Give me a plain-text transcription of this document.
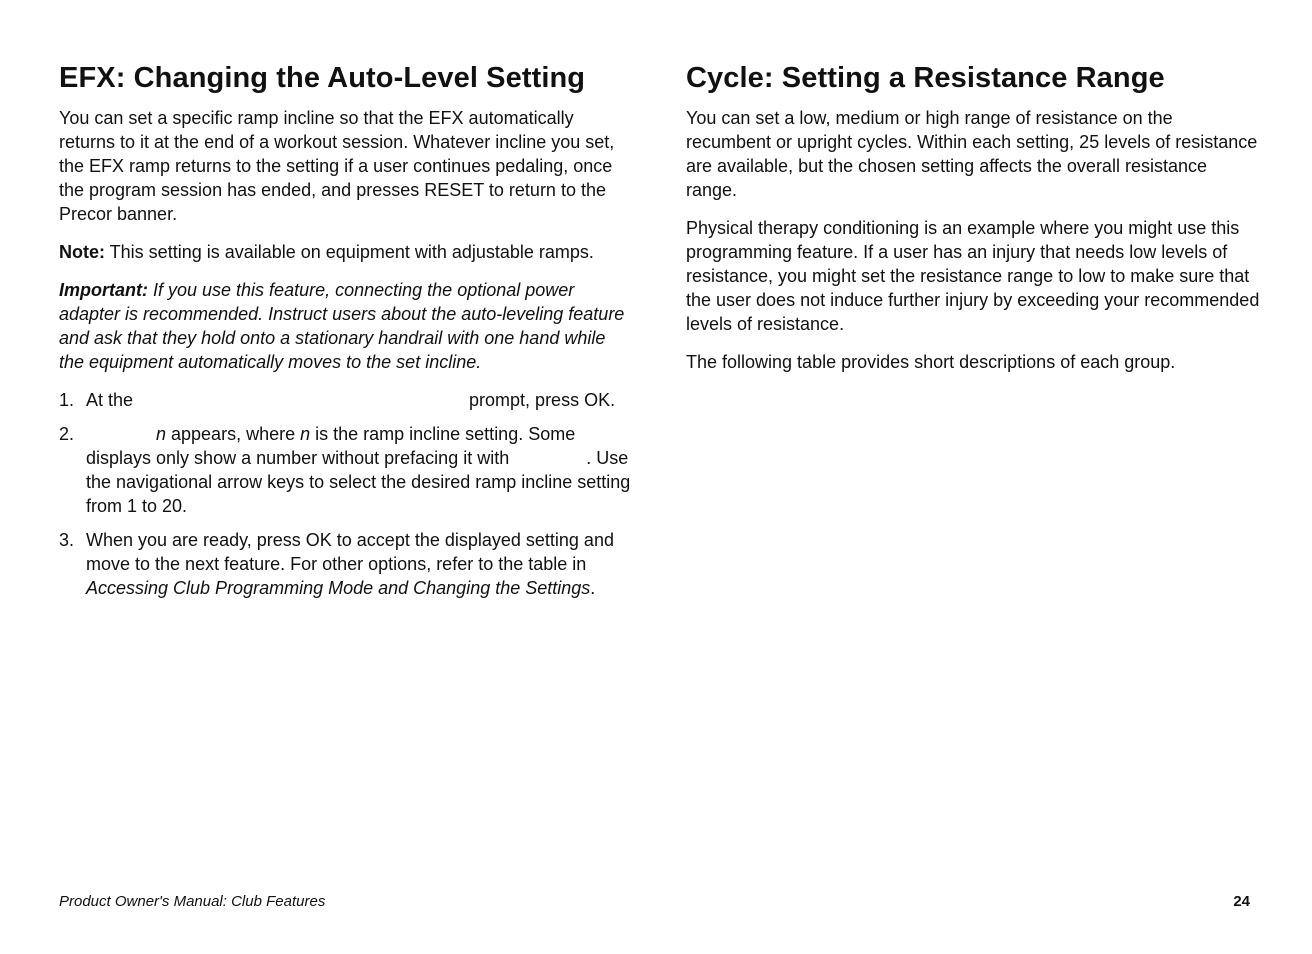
EFX: Changing the Auto-Level Setting

You can set a specific ramp incline so that the EFX automatically returns to it at the end of a workout session. Whatever incline you set, the EFX ramp returns to the setting if a user continues pedaling, once the program session has ended, and presses RESET to return to the Precor banner.

Note: This setting is available on equipment with adjustable ramps.

Important: If you use this feature, connecting the optional power adapter is recommended. Instruct users about the auto-leveling feature and ask that they hold onto a stationary handrail with one hand while the equipment automatically moves to the set incline.

1. At the	prompt, press OK.
2.	n appears, where n is the ramp incline setting. Some displays only show a number without prefacing it with	. Use the navigational arrow keys to select the desired ramp incline setting from 1 to 20.
3. When you are ready, press OK to accept the displayed setting and move to the next feature. For other options, refer to the table in Accessing Club Programming Mode and Changing the Settings.
Cycle: Setting a Resistance Range

You can set a low, medium or high range of resistance on the recumbent or upright cycles. Within each setting, 25 levels of resistance are available, but the chosen setting affects the overall resistance range.

Physical therapy conditioning is an example where you might use this programming feature. If a user has an injury that needs low levels of resistance, you might set the resistance range to low to make sure that the user does not induce further injury by exceeding your recommended levels of resistance.

The following table provides short descriptions of each group.

Product Owner's Manual: Club Features	24
